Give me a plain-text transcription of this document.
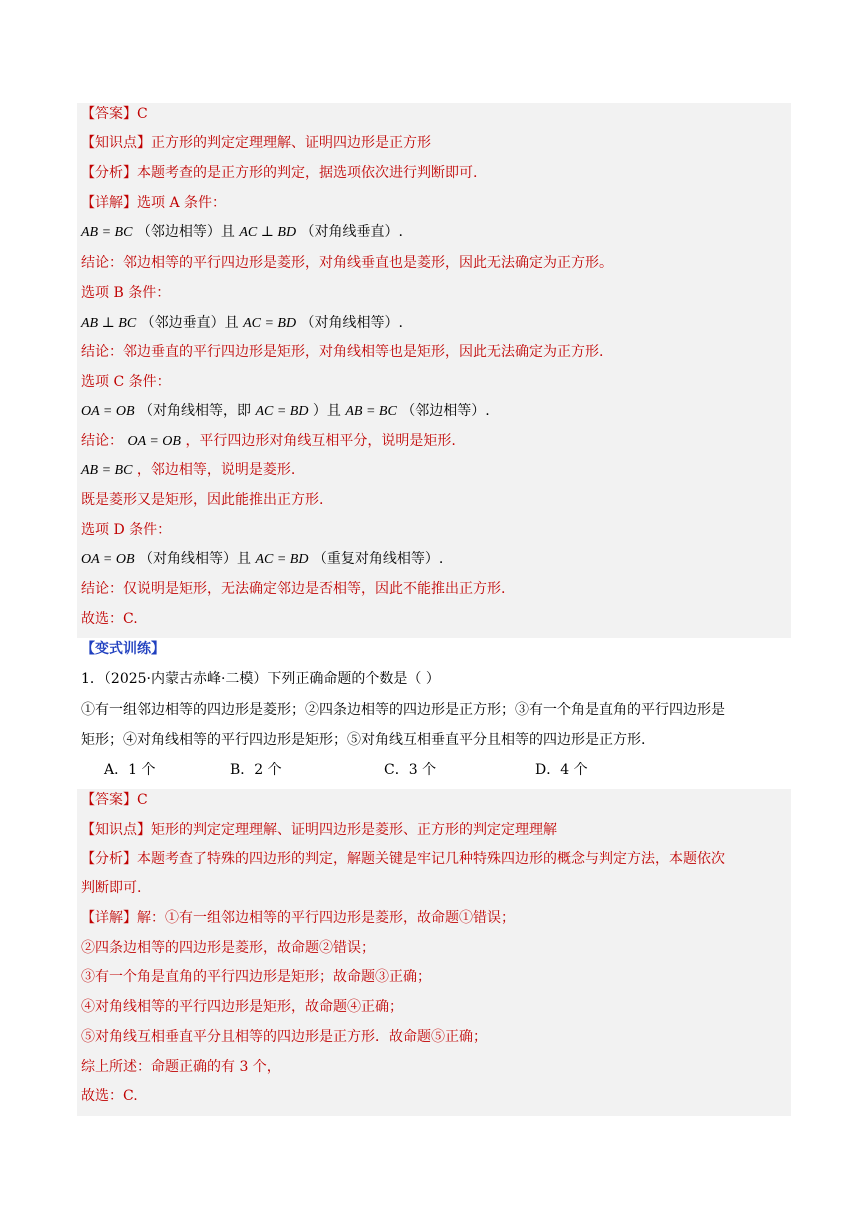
【答案】C
【知识点】正方形的判定定理理解、证明四边形是正方形
【分析】本题考查的是正方形的判定，据选项依次进行判断即可.
【详解】选项 A 条件：
AB = BC （邻边相等）且 AC ⊥ BD （对角线垂直）.
结论：邻边相等的平行四边形是菱形，对角线垂直也是菱形，因此无法确定为正方形。
选项 B 条件：
AB ⊥ BC （邻边垂直）且 AC = BD （对角线相等）.
结论：邻边垂直的平行四边形是矩形，对角线相等也是矩形，因此无法确定为正方形.
选项 C 条件：
OA = OB （对角线相等，即 AC = BD ）且 AB = BC （邻边相等）.
结论： OA = OB ，平行四边形对角线互相平分，说明是矩形.
AB = BC ，邻边相等，说明是菱形.
既是菱形又是矩形，因此能推出正方形.
选项 D 条件：
OA = OB （对角线相等）且 AC = BD （重复对角线相等）.
结论：仅说明是矩形，无法确定邻边是否相等，因此不能推出正方形.
故选：C.
【变式训练】
1．（2025·内蒙古赤峰·二模）下列正确命题的个数是（ ）
①有一组邻边相等的四边形是菱形；②四条边相等的四边形是正方形；③有一个角是直角的平行四边形是
矩形；④对角线相等的平行四边形是矩形；⑤对角线互相垂直平分且相等的四边形是正方形.
A．1 个	B．2 个	C．3 个	D．4 个
【答案】C
【知识点】矩形的判定定理理解、证明四边形是菱形、正方形的判定定理理解
【分析】本题考查了特殊的四边形的判定，解题关键是牢记几种特殊四边形的概念与判定方法，本题依次
判断即可.
【详解】解：①有一组邻边相等的平行四边形是菱形，故命题①错误；
②四条边相等的四边形是菱形，故命题②错误；
③有一个角是直角的平行四边形是矩形；故命题③正确；
④对角线相等的平行四边形是矩形，故命题④正确；
⑤对角线互相垂直平分且相等的四边形是正方形．故命题⑤正确；
综上所述：命题正确的有 3 个，
故选：C.
